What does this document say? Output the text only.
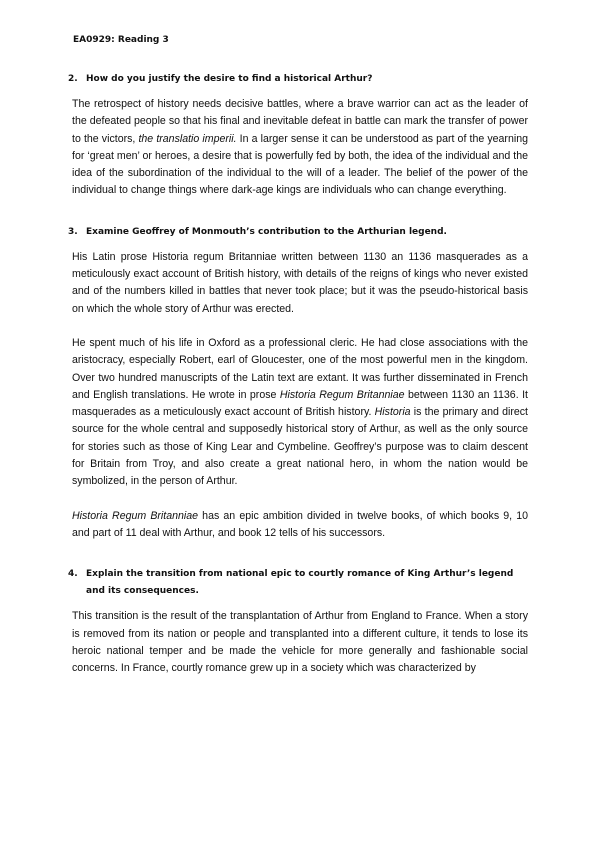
EA0929: Reading 3
2. How do you justify the desire to find a historical Arthur?

The retrospect of history needs decisive battles, where a brave warrior can act as the leader of the defeated people so that his final and inevitable defeat in battle can mark the transfer of power to the victors, the translatio imperii. In a larger sense it can be understood as part of the yearning for ‘great men’ or heroes, a desire that is powerfully fed by both, the idea of the individual and the idea of the subordination of the individual to the will of a leader. The belief of the power of the individual to change things where dark-age kings are individuals who can change everything.

3. Examine Geoffrey of Monmouth’s contribution to the Arthurian legend.

His Latin prose Historia regum Britanniae written between 1130 an 1136 masquerades as a meticulously exact account of British history, with details of the reigns of kings who never existed and of the numbers killed in battles that never took place; but it was the pseudo-historical basis on which the whole story of Arthur was erected.

He spent much of his life in Oxford as a professional cleric. He had close associations with the aristocracy, especially Robert, earl of Gloucester, one of the most powerful men in the kingdom. Over two hundred manuscripts of the Latin text are extant. It was further disseminated in French and English translations. He wrote in prose Historia Regum Britanniae between 1130 an 1136. It masquerades as a meticulously exact account of British history. Historia is the primary and direct source for the whole central and supposedly historical story of Arthur, as well as the only source for stories such as those of King Lear and Cymbeline. Geoffrey’s purpose was to claim descent for Britain from Troy, and also create a great national hero, in whom the nation would be symbolized, in the person of Arthur.

Historia Regum Britanniae has an epic ambition divided in twelve books, of which books 9, 10 and part of 11 deal with Arthur, and book 12 tells of his successors.

4. Explain the transition from national epic to courtly romance of King Arthur’s legend and its consequences.

This transition is the result of the transplantation of Arthur from England to France. When a story is removed from its nation or people and transplanted into a different culture, it tends to lose its heroic national temper and be made the vehicle for more generally and fashionable social concerns. In France, courtly romance grew up in a society which was characterized by
